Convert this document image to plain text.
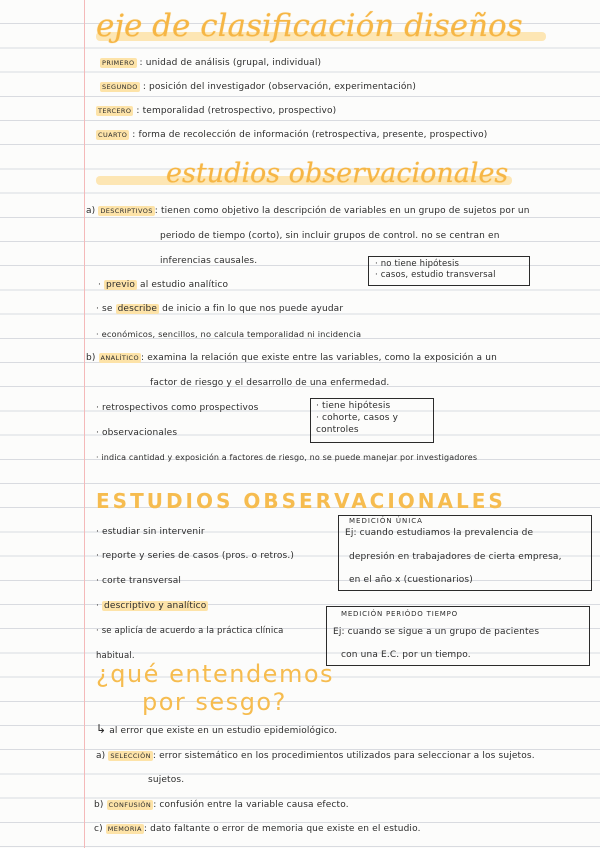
eje de clasificación diseños
PRIMERO : unidad de análisis (grupal, individual)
SEGUNDO : posición del investigador (observación, experimentación)
TERCERO : temporalidad (retrospectivo, prospectivo)
CUARTO : forma de recolección de información (retrospectiva, presente, prospectivo)
estudios observacionales
a) DESCRIPTIVOS : tienen como objetivo la descripción de variables en un grupo de sujetos por un
periodo de tiempo (corto), sin incluir grupos de control. no se centran en
inferencias causales.	· no tiene hipótesis
· casos, estudio transversal
· previo al estudio analítico
· se describe de inicio a fin lo que nos puede ayudar
· económicos, sencillos, no calcula temporalidad ni incidencia
b) ANALÍTICO : examina la relación que existe entre las variables, como la exposición a un
factor de riesgo y el desarrollo de una enfermedad.
· retrospectivos como prospectivos
· observacionales
· indica cantidad y exposición a factores de riesgo, no se puede manejar por investigadores
· tiene hipótesis
· cohorte, casos y
controles
ESTUDIOS OBSERVACIONALES
· estudiar sin intervenir
· reporte y series de casos (pros. o retros.)
· corte transversal
· descriptivo y analítico
· se aplicía de acuerdo a la práctica clínica
habitual.
MEDICIÓN ÚNICA
Ej: cuando estudiamos la prevalencia de
depresión en trabajadores de cierta empresa,
en el año x (cuestionarios)
MEDICIÓN PERIÓDO TIEMPO
Ej: cuando se sigue a un grupo de pacientes
con una E.C. por un tiempo.
¿qué entendemos
por sesgo?
↳ al error que existe en un estudio epidemiológico.
a) SELECCIÓN : error sistemático en los procedimientos utilizados para seleccionar a los sujetos.
sujetos.
b) CONFUSIÓN : confusión entre la variable causa efecto.
c) MEMORIA : dato faltante o error de memoria que existe en el estudio.
